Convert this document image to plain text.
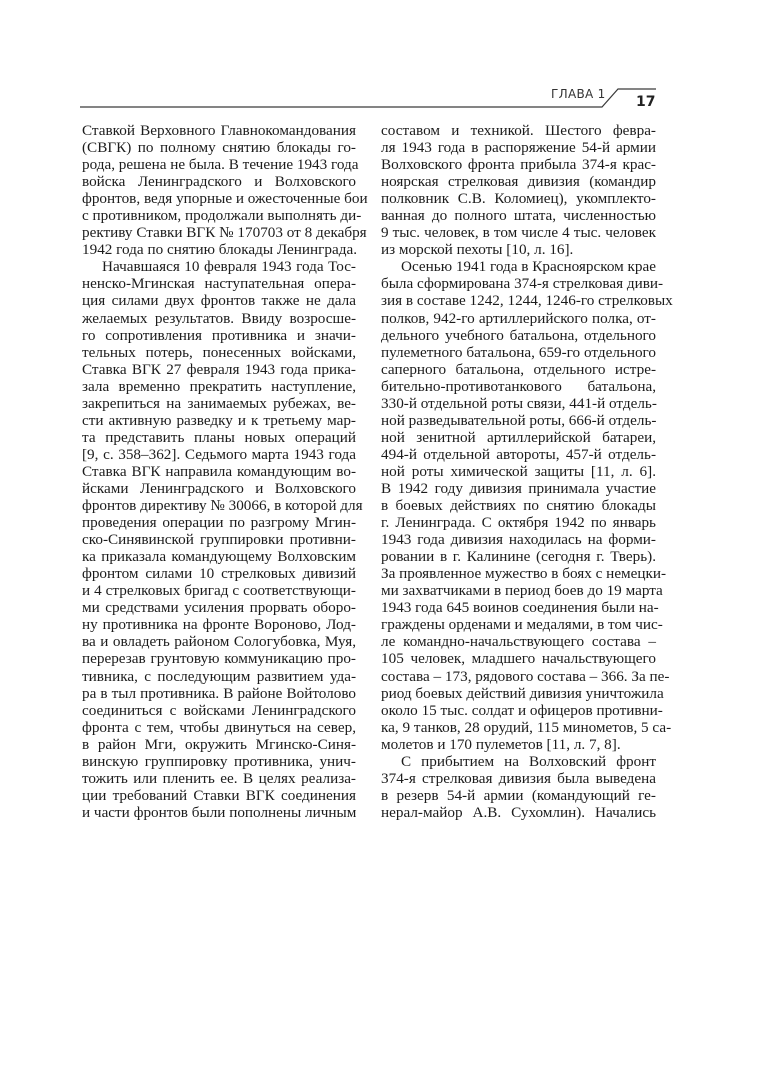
ГЛАВА 1 17
Ставкой Верховного Главнокомандования
(СВГК) по полному снятию блокады го-
рода, решена не была. В течение 1943 года
войска Ленинградского и Волховского
фронтов, ведя упорные и ожесточенные бои
с противником, продолжали выполнять ди-
рективу Ставки ВГК № 170703 от 8 декабря
1942 года по снятию блокады Ленинграда.
Начавшаяся 10 февраля 1943 года Тос-
ненско-Мгинская наступательная опера-
ция силами двух фронтов также не дала
желаемых результатов. Ввиду возросше-
го сопротивления противника и значи-
тельных потерь, понесенных войсками,
Ставка ВГК 27 февраля 1943 года прика-
зала временно прекратить наступление,
закрепиться на занимаемых рубежах, ве-
сти активную разведку и к третьему мар-
та представить планы новых операций
[9, с. 358–362]. Седьмого марта 1943 года
Ставка ВГК направила командующим во-
йсками Ленинградского и Волховского
фронтов директиву № 30066, в которой для
проведения операции по разгрому Мгин-
ско-Синявинской группировки противни-
ка приказала командующему Волховским
фронтом силами 10 стрелковых дивизий
и 4 стрелковых бригад с соответствующи-
ми средствами усиления прорвать оборо-
ну противника на фронте Вороново, Лод-
ва и овладеть районом Сологубовка, Муя,
перерезав грунтовую коммуникацию про-
тивника, с последующим развитием уда-
ра в тыл противника. В районе Войтолово
соединиться с войсками Ленинградского
фронта с тем, чтобы двинуться на север,
в район Мги, окружить Мгинско-Синя-
винскую группировку противника, унич-
тожить или пленить ее. В целях реализа-
ции требований Ставки ВГК соединения
и части фронтов были пополнены личным
составом и техникой. Шестого февра-
ля 1943 года в распоряжение 54-й армии
Волховского фронта прибыла 374-я крас-
ноярская стрелковая дивизия (командир
полковник С.В. Коломиец), укомплекто-
ванная до полного штата, численностью
9 тыс. человек, в том числе 4 тыс. человек
из морской пехоты [10, л. 16].
Осенью 1941 года в Красноярском крае
была сформирована 374-я стрелковая диви-
зия в составе 1242, 1244, 1246-го стрелковых
полков, 942-го артиллерийского полка, от-
дельного учебного батальона, отдельного
пулеметного батальона, 659-го отдельного
саперного батальона, отдельного истре-
бительно-противотанкового батальона,
330-й отдельной роты связи, 441-й отдель-
ной разведывательной роты, 666-й отдель-
ной зенитной артиллерийской батареи,
494-й отдельной автороты, 457-й отдель-
ной роты химической защиты [11, л. 6].
В 1942 году дивизия принимала участие
в боевых действиях по снятию блокады
г. Ленинграда. С октября 1942 по январь
1943 года дивизия находилась на форми-
ровании в г. Калинине (сегодня г. Тверь).
За проявленное мужество в боях с немецки-
ми захватчиками в период боев до 19 марта
1943 года 645 воинов соединения были на-
граждены орденами и медалями, в том чис-
ле командно-начальствующего состава –
105 человек, младшего начальствующего
состава – 173, рядового состава – 366. За пе-
риод боевых действий дивизия уничтожила
около 15 тыс. солдат и офицеров противни-
ка, 9 танков, 28 орудий, 115 минометов, 5 са-
молетов и 170 пулеметов [11, л. 7, 8].
С прибытием на Волховский фронт
374-я стрелковая дивизия была выведена
в резерв 54-й армии (командующий ге-
нерал-майор А.В. Сухомлин). Начались
